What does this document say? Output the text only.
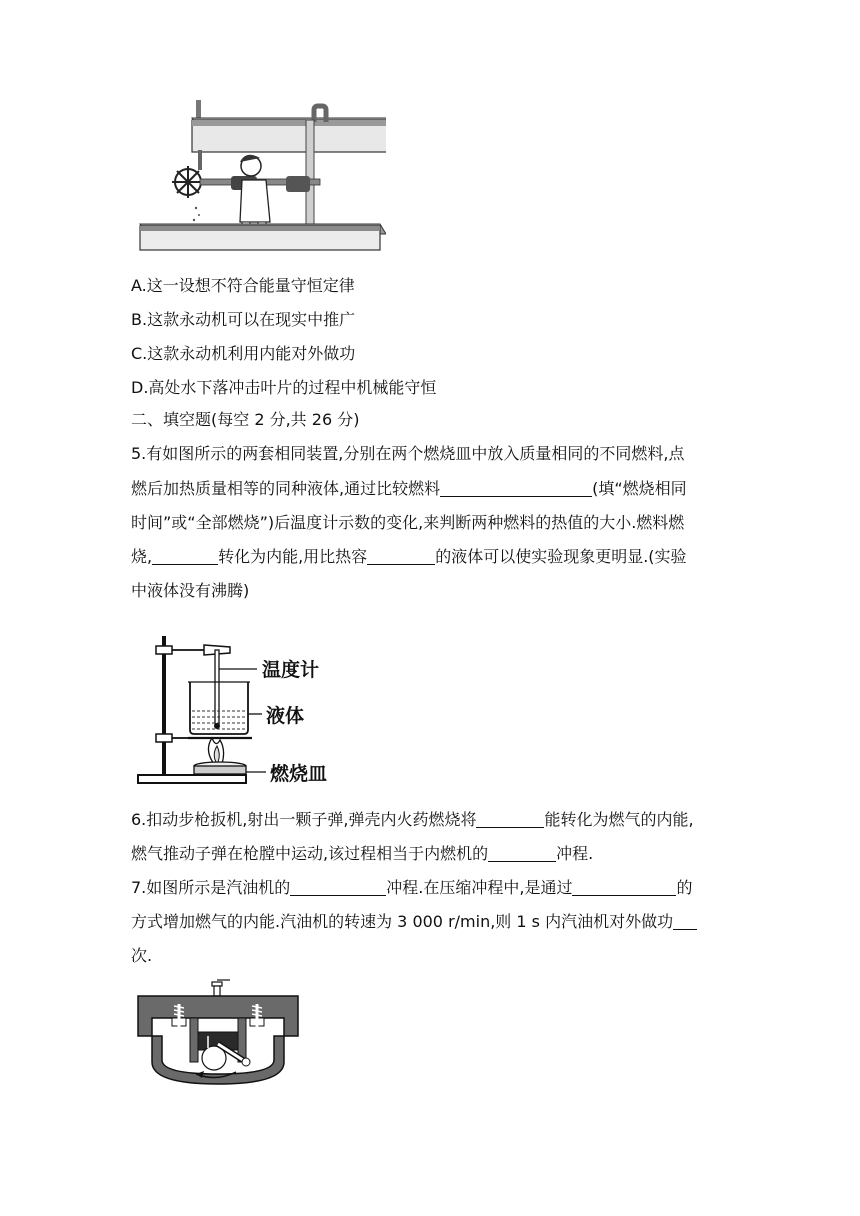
A.这一设想不符合能量守恒定律
B.这款永动机可以在现实中推广
C.这款永动机利用内能对外做功
D.高处水下落冲击叶片的过程中机械能守恒
二、填空题(每空 2 分,共 26 分)
5.有如图所示的两套相同装置,分别在两个燃烧皿中放入质量相同的不同燃料,点
燃后加热质量相等的同种液体,通过比较燃料	(填“燃烧相同
时间”或“全部燃烧”)后温度计示数的变化,来判断两种燃料的热值的大小.燃料燃
烧,	转化为内能,用比热容	的液体可以使实验现象更明显.(实验
中液体没有沸腾)
温度计
液体
燃烧皿
6.扣动步枪扳机,射出一颗子弹,弹壳内火药燃烧将	能转化为燃气的内能,
燃气推动子弹在枪膛中运动,该过程相当于内燃机的	冲程.
7.如图所示是汽油机的	冲程.在压缩冲程中,是通过	的
方式增加燃气的内能.汽油机的转速为 3 000 r/min,则 1 s 内汽油机对外做功
次.
